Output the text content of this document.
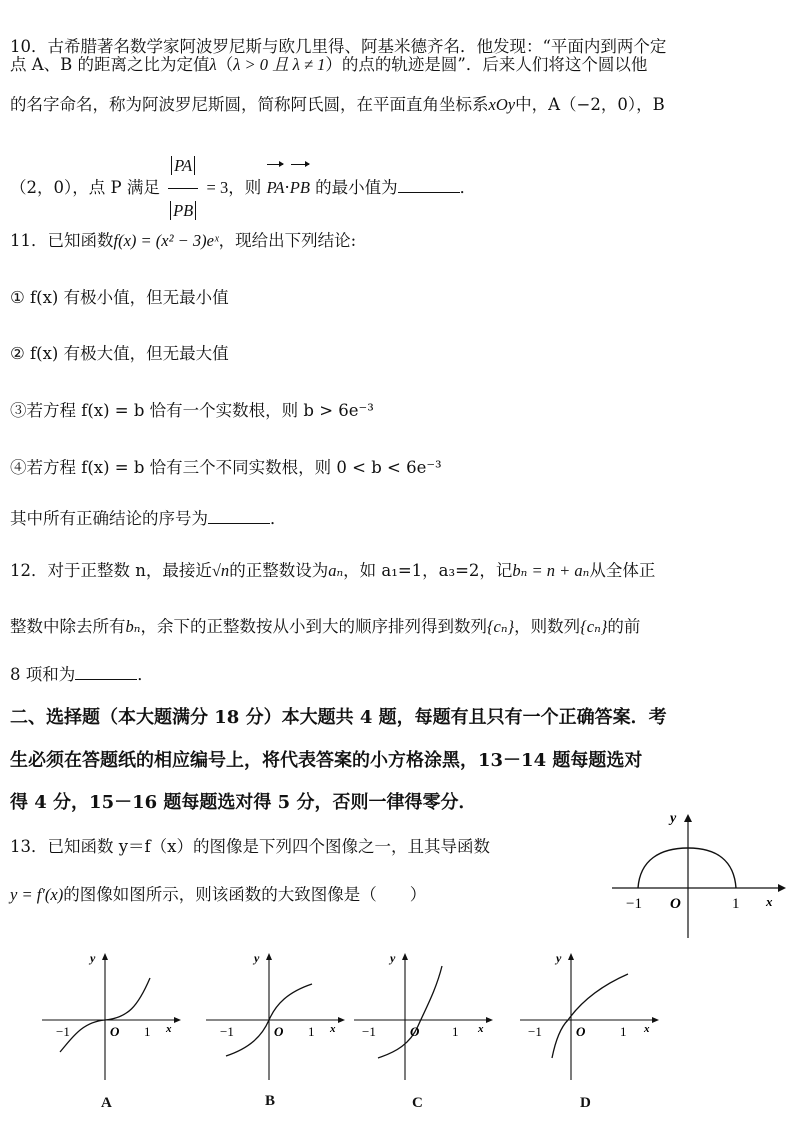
10．古希腊著名数学家阿波罗尼斯与欧几里得、阿基米德齐名．他发现：“平面内到两个定
点 A、B 的距离之比为定值λ（λ > 0 且 λ ≠ 1）的点的轨迹是圆”．后来人们将这个圆以他
的名字命名，称为阿波罗尼斯圆，简称阿氏圆，在平面直角坐标系xOy中，A（−2，0），B
（2，0），点 P 满足 $\frac{PA}{PB} = 3$，则 PA·PB 的最小值为	．
11．已知函数f(x) = (x² − 3)eˣ，现给出下列结论:
① f(x) 有极小值，但无最小值
② f(x) 有极大值，但无最大值
③若方程 f(x) = b 恰有一个实数根，则 b > 6e⁻³
④若方程 f(x) = b 恰有三个不同实数根，则 0 < b < 6e⁻³
其中所有正确结论的序号为	．
12．对于正整数 n，最接近√n的正整数设为aₙ，如 a₁=1，a₃=2，记bₙ = n + aₙ从全体正
整数中除去所有bₙ，余下的正整数按从小到大的顺序排列得到数列{cₙ}，则数列{cₙ}的前
8 项和为	．
二、选择题（本大题满分 18 分）本大题共 4 题，每题有且只有一个正确答案．考
生必须在答题纸的相应编号上，将代表答案的小方格涂黑，13－14 题每题选对
得 4 分，15－16 题每题选对得 5 分，否则一律得零分．
13．已知函数 y＝f（x）的图像是下列四个图像之一，且其导函数
y = f′(x)的图像如图所示，则该函数的大致图像是（　　）
y
x
O
−1	1
y
x
O
−1	1
A
y
x
O
−1	1
B
y
x
O
−1	1
C
y
x
O
−1	1
D
